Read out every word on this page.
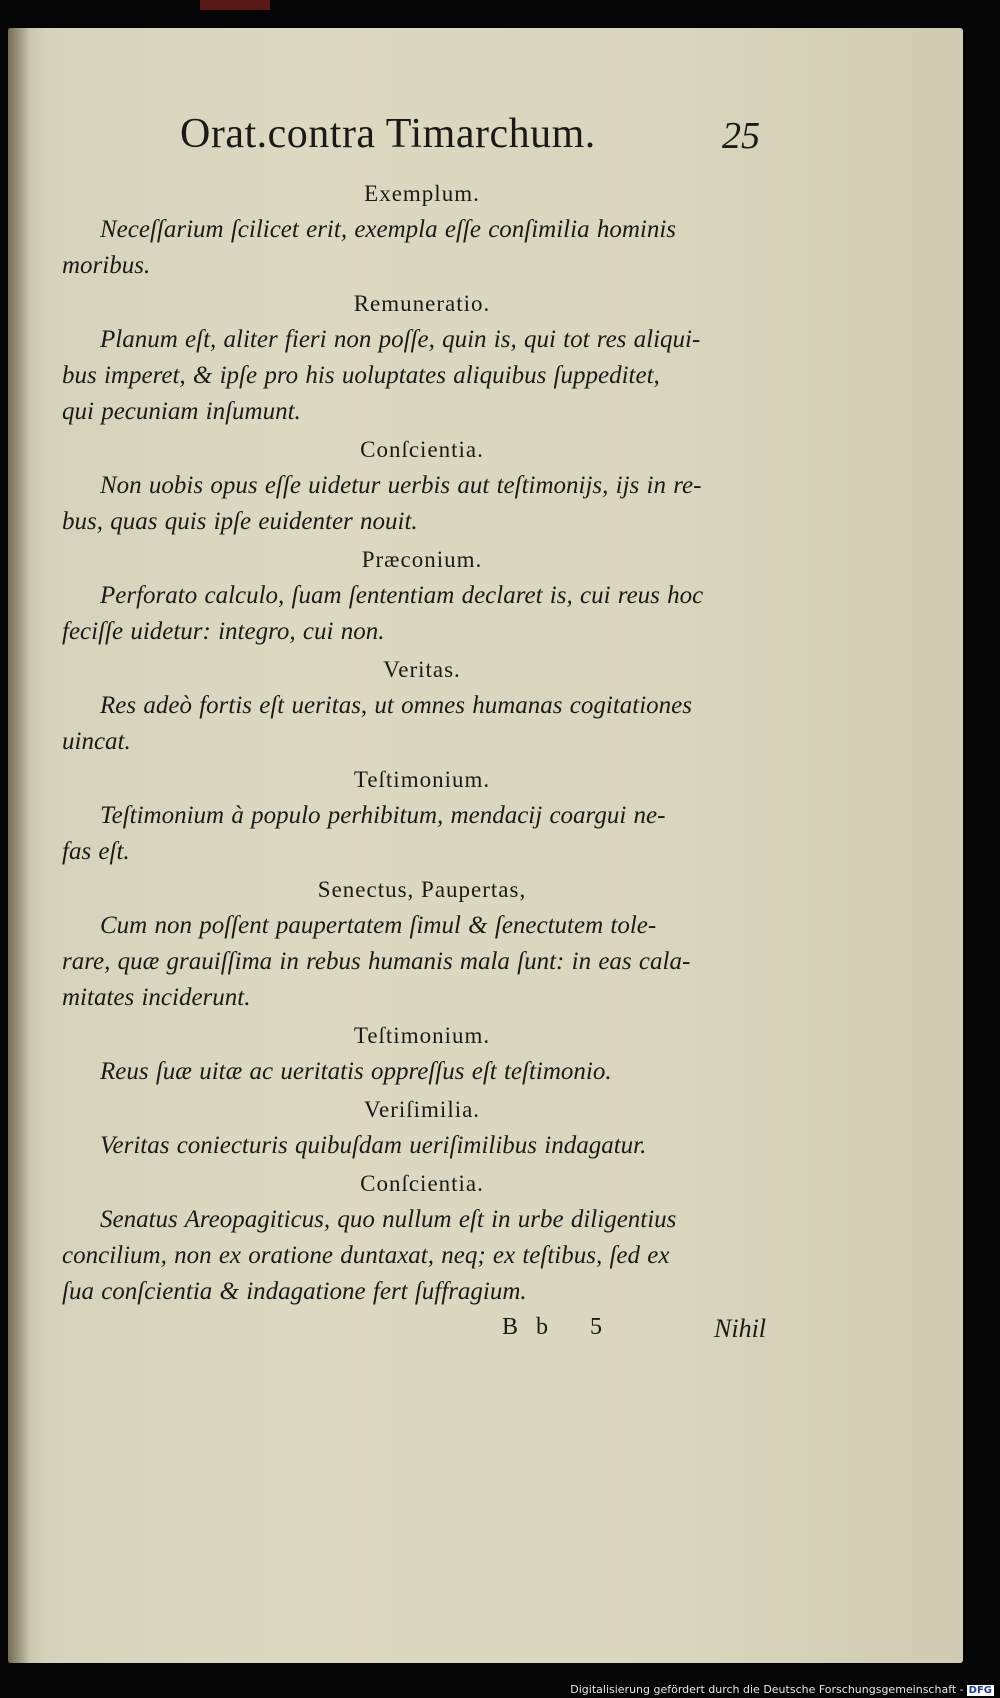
Orat.contra Timarchum.	25
Exemplum.
Neceſſarium ſcilicet erit, exempla eſſe conſimilia hominis
moribus.
Remuneratio.
Planum eſt, aliter fieri non poſſe, quin is, qui tot res aliqui-
bus imperet, & ipſe pro his uoluptates aliquibus ſuppeditet,
qui pecuniam inſumunt.
Conſcientia.
Non uobis opus eſſe uidetur uerbis aut teſtimonijs, ijs in re-
bus, quas quis ipſe euidenter nouit.
Præconium.
Perforato calculo, ſuam ſententiam declaret is, cui reus hoc
feciſſe uidetur: integro, cui non.
Veritas.
Res adeò fortis eſt ueritas, ut omnes humanas cogitationes
uincat.
Teſtimonium.
Teſtimonium à populo perhibitum, mendacij coargui ne-
fas eſt.
Senectus, Paupertas,
Cum non poſſent paupertatem ſimul & ſenectutem tole-
rare, quæ grauiſſima in rebus humanis mala ſunt: in eas cala-
mitates inciderunt.
Teſtimonium.
Reus ſuæ uitæ ac ueritatis oppreſſus eſt teſtimonio.
Veriſimilia.
Veritas coniecturis quibuſdam ueriſimilibus indagatur.
Conſcientia.
Senatus Areopagiticus, quo nullum eſt in urbe diligentius
concilium, non ex oratione duntaxat, neq; ex teſtibus, ſed ex
ſua conſcientia & indagatione fert ſuffragium.
Bb 5	Nihil
Digitalisierung gefördert durch die Deutsche Forschungsgemeinschaft - DFG
